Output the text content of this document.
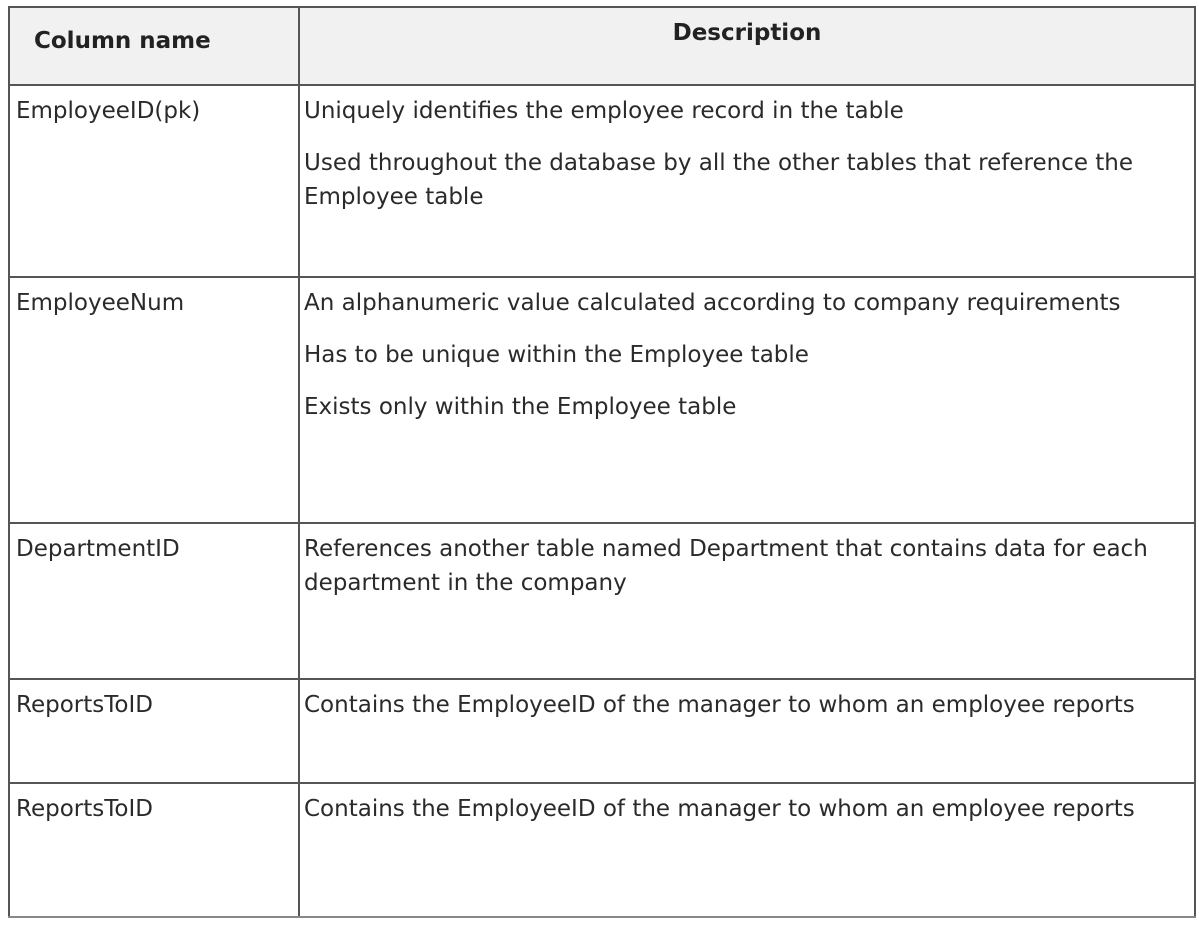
Column name	Description
EmployeeID(pk)	Uniquely identifies the employee record in the table

Used throughout the database by all the other tables that reference the Employee table

EmployeeNum	An alphanumeric value calculated according to company requirements

Has to be unique within the Employee table

Exists only within the Employee table

DepartmentID	References another table named Department that contains data for each department in the company

ReportsToID	Contains the EmployeeID of the manager to whom an employee reports

ReportsToID	Contains the EmployeeID of the manager to whom an employee reports
